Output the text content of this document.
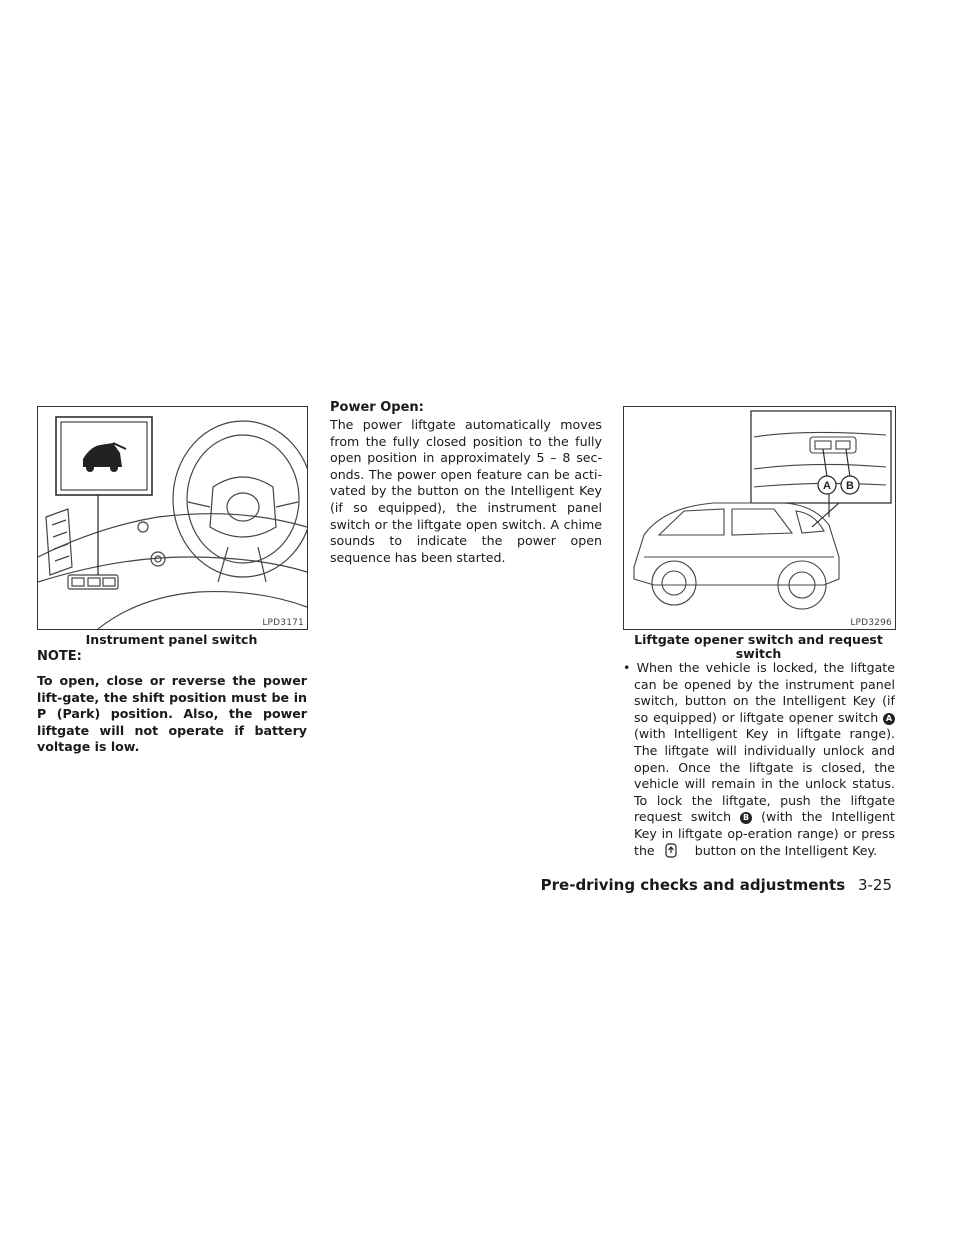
LPD3171
Instrument panel switch
NOTE:
To open, close or reverse the power lift-gate, the shift position must be in P (Park) position. Also, the power liftgate will not operate if battery voltage is low.
Power Open:
The power liftgate automatically moves from the fully closed position to the fully open position in approximately 5 – 8 sec-onds. The power open feature can be acti-vated by the button on the Intelligent Key (if so equipped), the instrument panel switch or the liftgate open switch. A chime sounds to indicate the power open sequence has been started.
A B
LPD3296
Liftgate opener switch and request
switch
• When the vehicle is locked, the liftgate can be opened by the instrument panel switch, button on the Intelligent Key (if so equipped) or liftgate opener switch A (with Intelligent Key in liftgate range). The liftgate will individually unlock and open. Once the liftgate is closed, the vehicle will remain in the unlock status. To lock the liftgate, push the liftgate request switch B (with the Intelligent Key in liftgate op-eration range) or press the	button on the Intelligent Key.
Pre-driving checks and adjustments 3-25
